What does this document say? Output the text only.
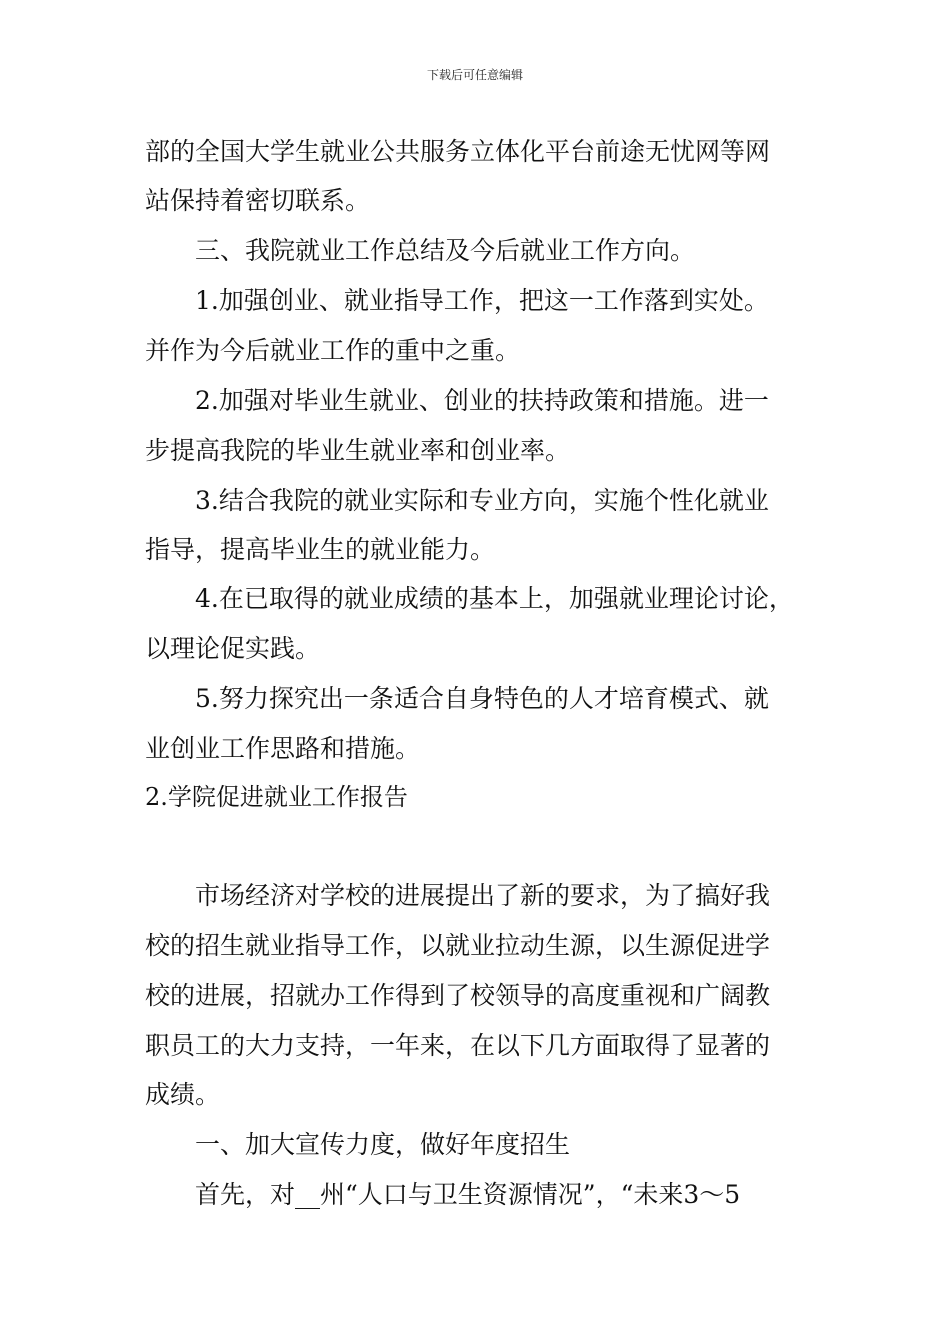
下载后可任意编辑
部的全国大学生就业公共服务立体化平台前途无忧网等网
站保持着密切联系。
三、我院就业工作总结及今后就业工作方向。
1.加强创业、就业指导工作，把这一工作落到实处。
并作为今后就业工作的重中之重。
2.加强对毕业生就业、创业的扶持政策和措施。进一
步提高我院的毕业生就业率和创业率。
3.结合我院的就业实际和专业方向，实施个性化就业
指导，提高毕业生的就业能力。
4.在已取得的就业成绩的基本上，加强就业理论讨论，
以理论促实践。
5.努力探究出一条适合自身特色的人才培育模式、就
业创业工作思路和措施。
2.学院促进就业工作报告
市场经济对学校的进展提出了新的要求，为了搞好我
校的招生就业指导工作，以就业拉动生源，以生源促进学
校的进展，招就办工作得到了校领导的高度重视和广阔教
职员工的大力支持，一年来，在以下几方面取得了显著的
成绩。
一、加大宣传力度，做好年度招生
首先，对__州“人口与卫生资源情况”，“未来3～5
